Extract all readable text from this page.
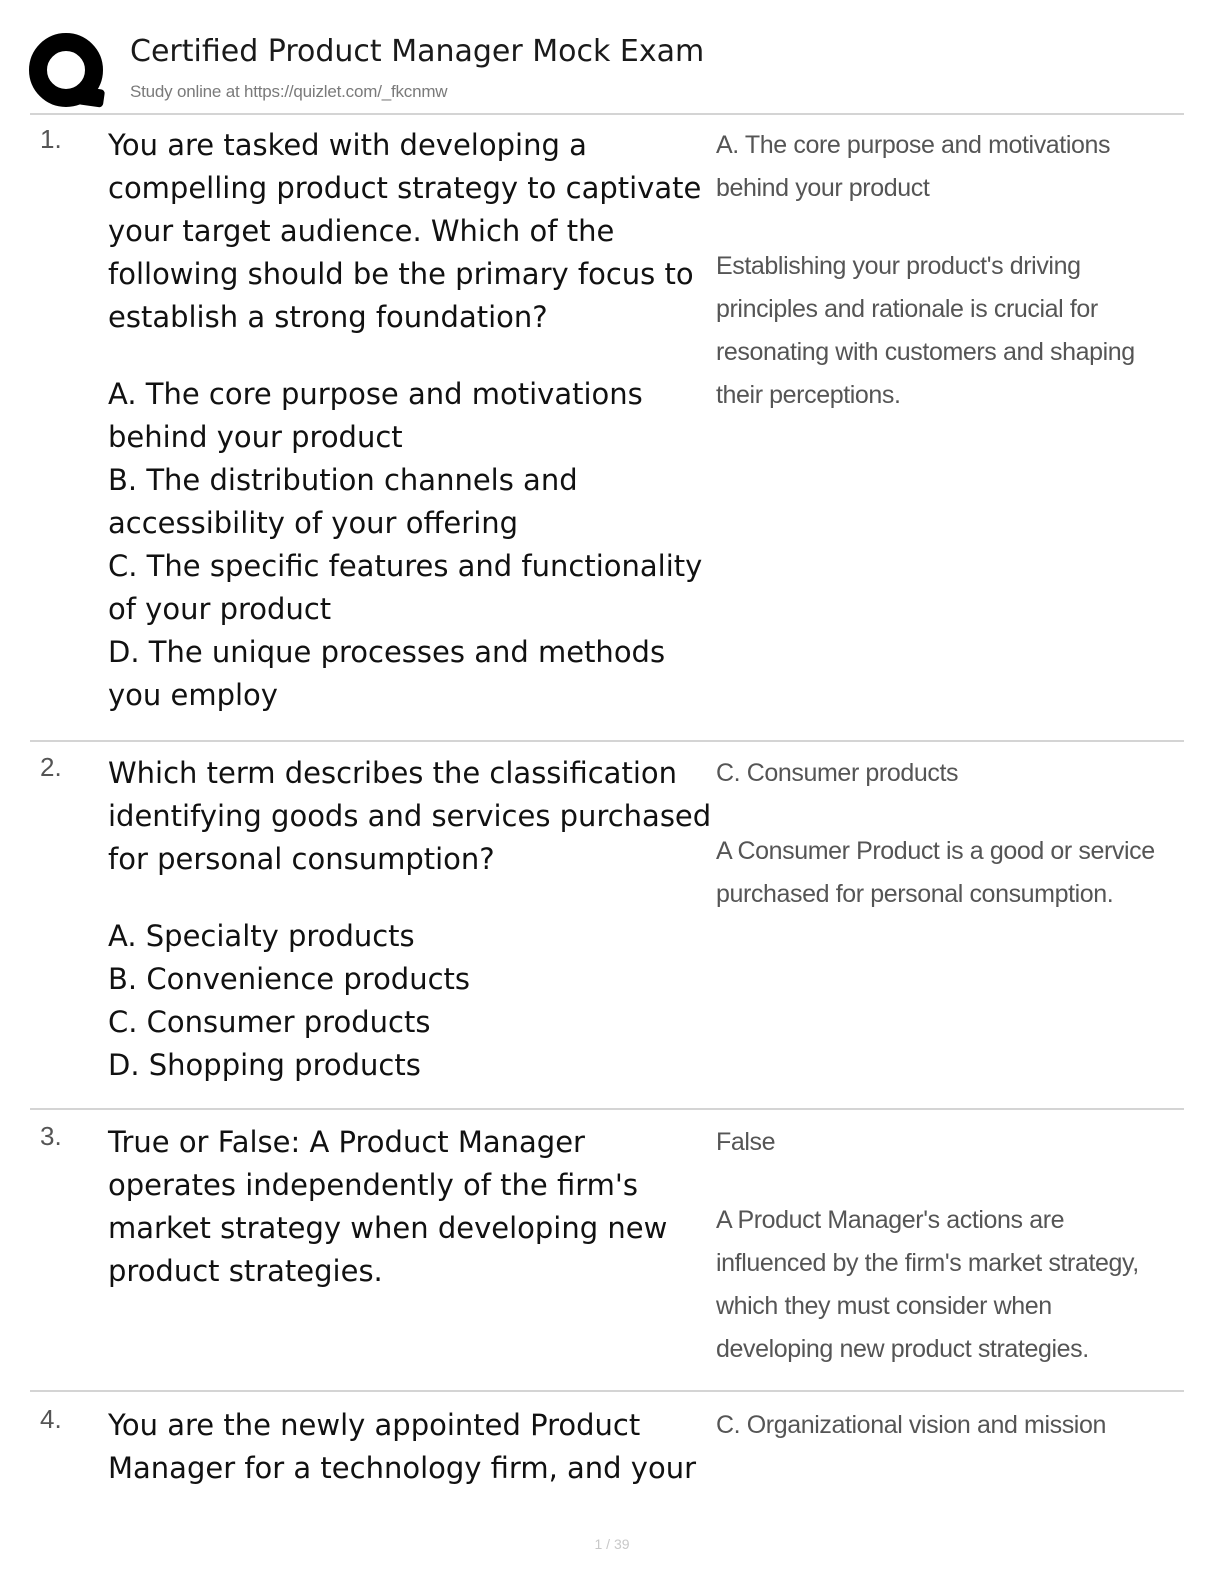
Certified Product Manager Mock Exam
Study online at https://quizlet.com/_fkcnmw
1. You are tasked with developing a compelling product strategy to captivate your target audience. Which of the following should be the primary focus to establish a strong foundation?

A. The core purpose and motivations behind your product

B. The distribution channels and accessibility of your offering

C. The specific features and functionality of your product

D. The unique processes and methods you employ

A. The core purpose and motivations behind your product

Establishing your product's driving principles and rationale is crucial for resonating with customers and shaping their perceptions.

2. Which term describes the classification identifying goods and services purchased for personal consumption?

A. Specialty products

B. Convenience products

C. Consumer products

D. Shopping products

C. Consumer products

A Consumer Product is a good or service purchased for personal consumption.

3. True or False: A Product Manager operates independently of the firm's market strategy when developing new product strategies.

False

A Product Manager's actions are influenced by the firm's market strategy, which they must consider when developing new product strategies.

4. You are the newly appointed Product Manager for a technology firm, and your

C. Organizational vision and mission

1 / 39
